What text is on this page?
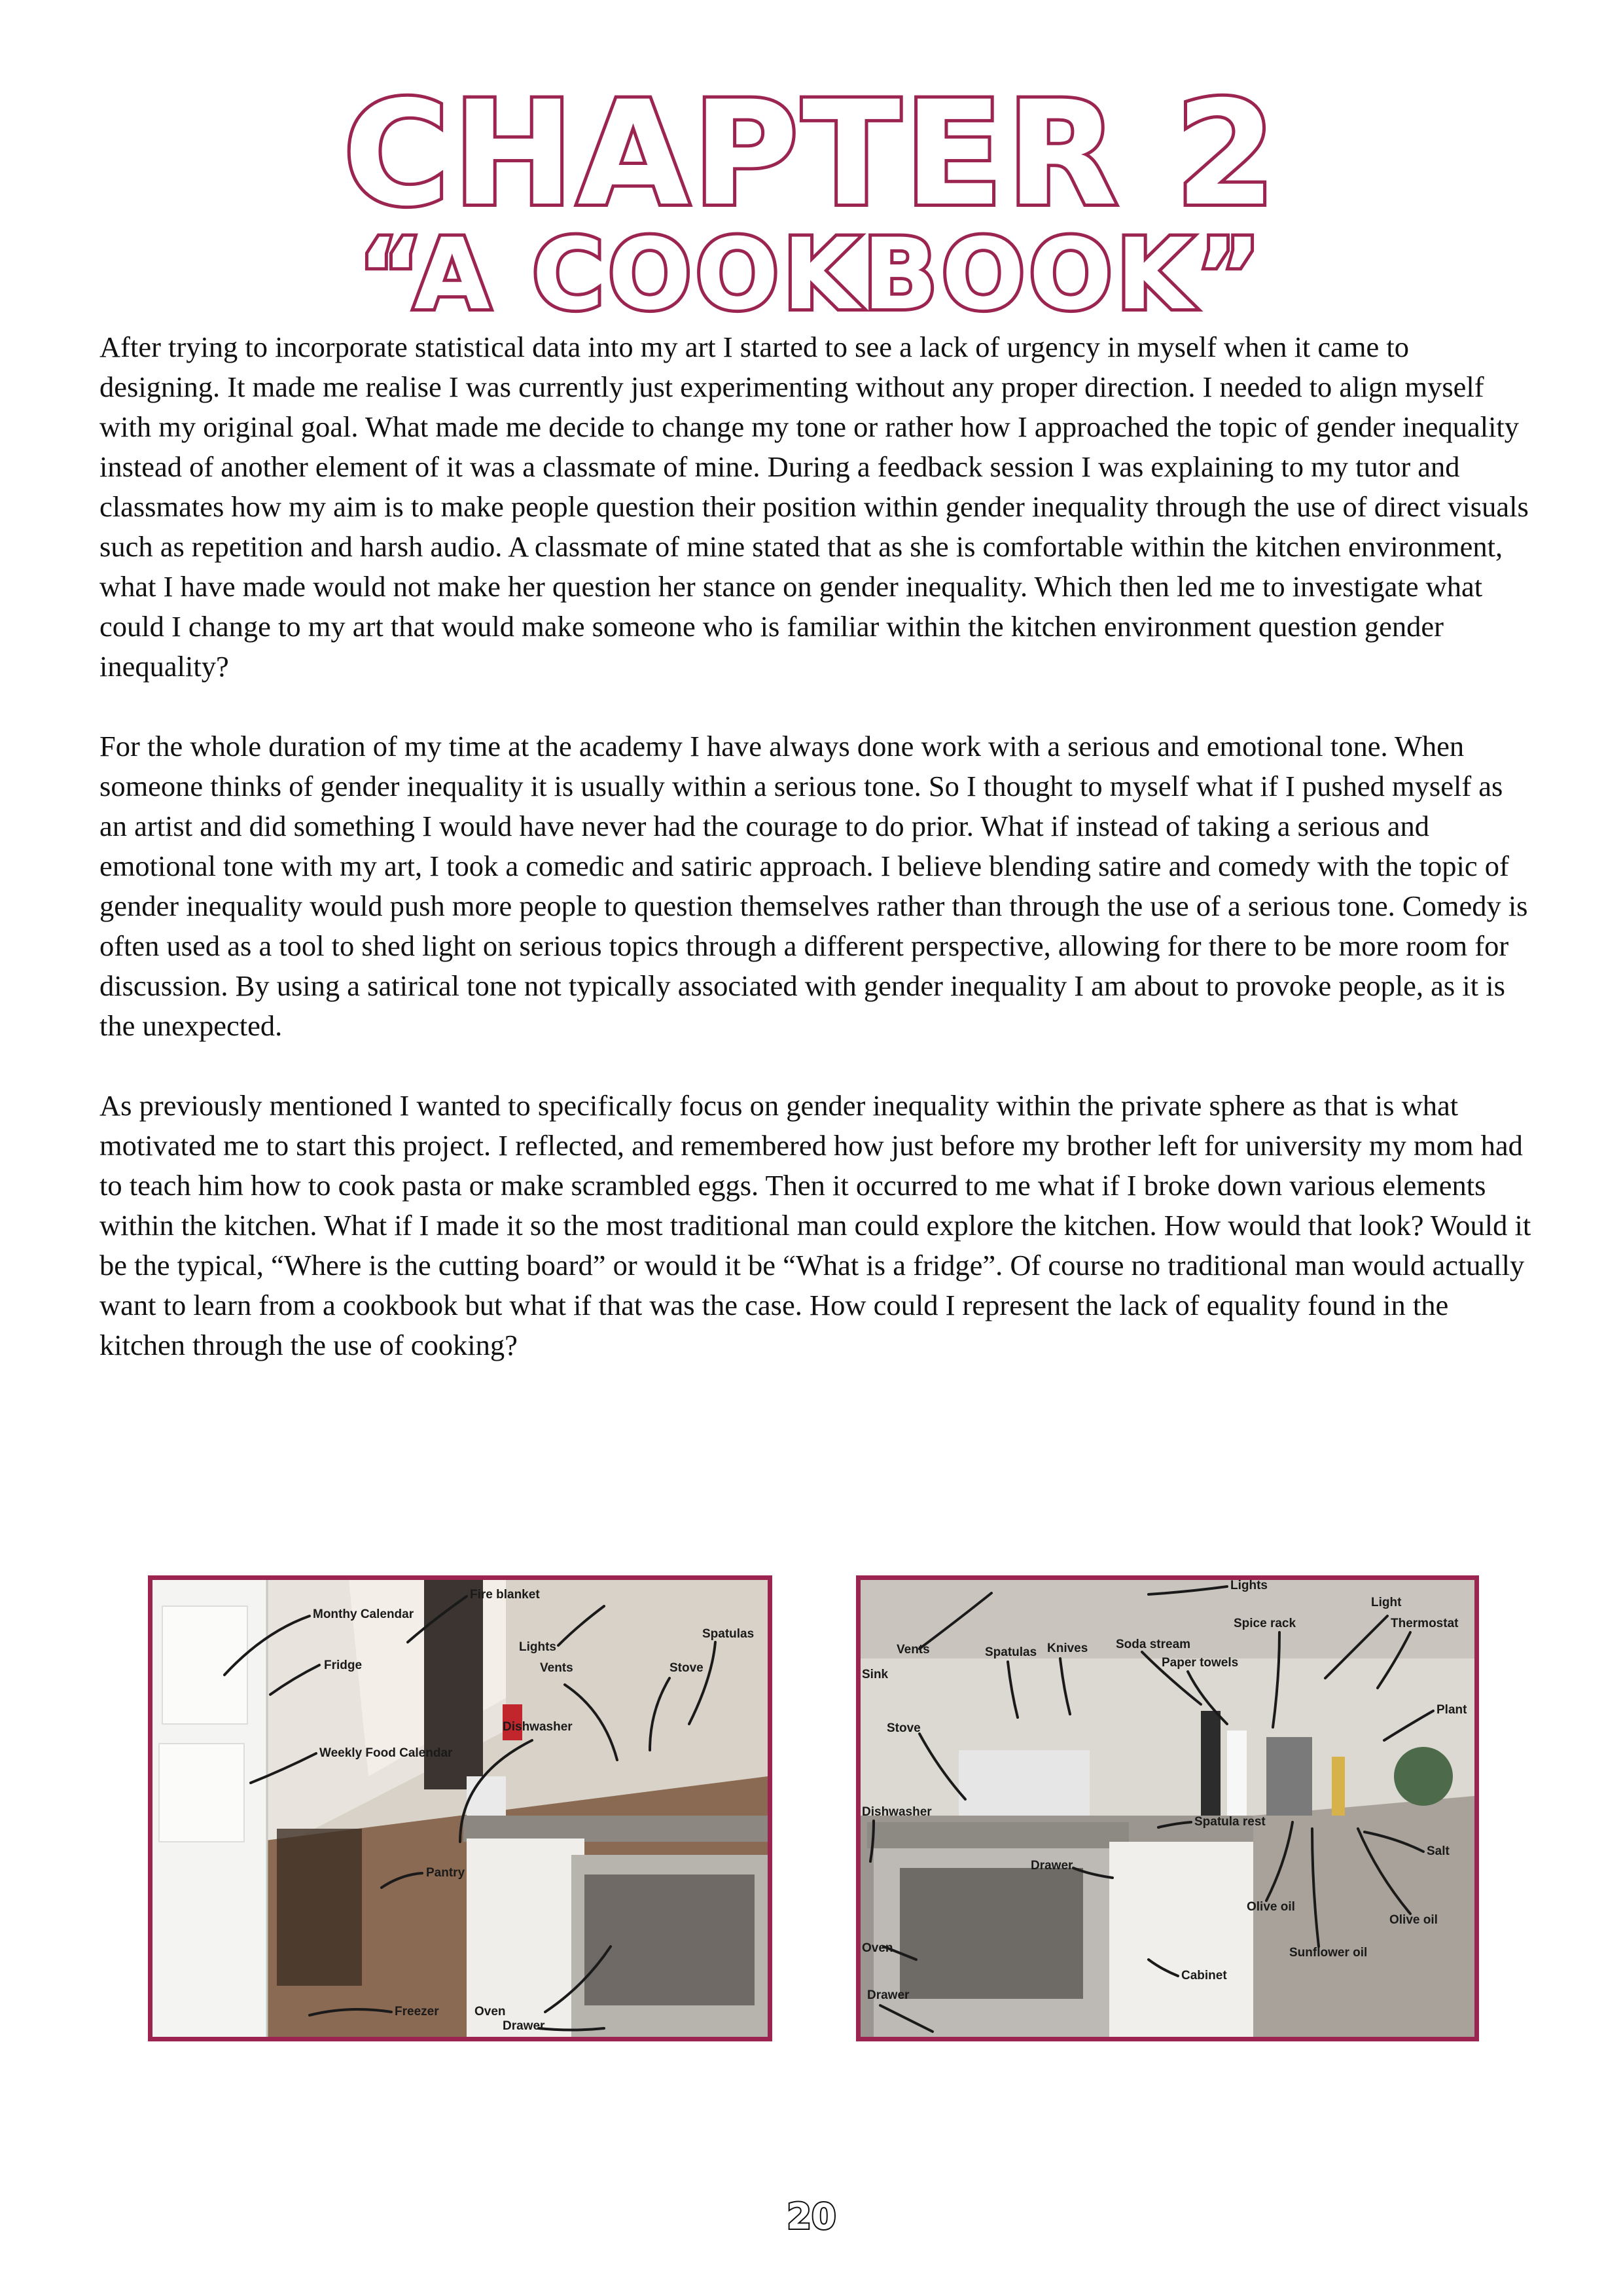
CHAPTER 2
“A COOKBOOK”

After trying to incorporate statistical data into my art I started to see a lack of urgency in myself when it came to designing. It made me realise I was currently just experimenting without any proper direction. I needed to align myself with my original goal. What made me decide to change my tone or rather how I approached the topic of gender inequality instead of another element of it was a classmate of mine. During a feedback session I was explaining to my tutor and classmates how my aim is to make people question their position within gender inequality through the use of direct visuals such as repetition and harsh audio. A classmate of mine stated that as she is comfortable within the kitchen environment, what I have made would not make her question her stance on gender inequality. Which then led me to investigate what could I change to my art that would make someone who is familiar within the kitchen environment question gender inequality?

For the whole duration of my time at the academy I have always done work with a serious and emotional tone. When someone thinks of gender inequality it is usually within a serious tone. So I thought to myself what if I pushed myself as an artist and did something I would have never had the courage to do prior. What if instead of taking a serious and emotional tone with my art, I took a comedic and satiric approach. I believe blending satire and comedy with the topic of gender inequality would push more people to question themselves rather than through the use of a serious tone. Comedy is often used as a tool to shed light on serious topics through a different perspective, allowing for there to be more room for discussion. By using a satirical tone not typically associated with gender inequality I am about to provoke people, as it is the unexpected.

As previously mentioned I wanted to specifically focus on gender inequality within the private sphere as that is what motivated me to start this project. I reflected, and remembered how just before my brother left for university my mom had to teach him how to cook pasta or make scrambled eggs. Then it occurred to me what if I broke down various elements within the kitchen. What if I made it so the most traditional man could explore the kitchen. How would that look? Would it be the typical, “Where is the cutting board” or would it be “What is a fridge”. Of course no traditional man would actually want to learn from a cookbook but what if that was the case. How could I represent the lack of equality found in the kitchen through the use of cooking?

Monthy Calendar
Fire blanket
Lights
Spatulas
Fridge	Vents	Stove
Dishwasher
Weekly Food Calendar
Pantry
Freezer	Oven
Drawer
Lights
Light
Spice rack	Thermostat
Vents	Spatulas Knives Soda stream
Paper towels
Sink
Plant
Stove
Dishwasher
Spatula rest
Salt
Drawer
Olive oil
Olive oil
Oven	Sunflower oil
Cabinet
Drawer
20
